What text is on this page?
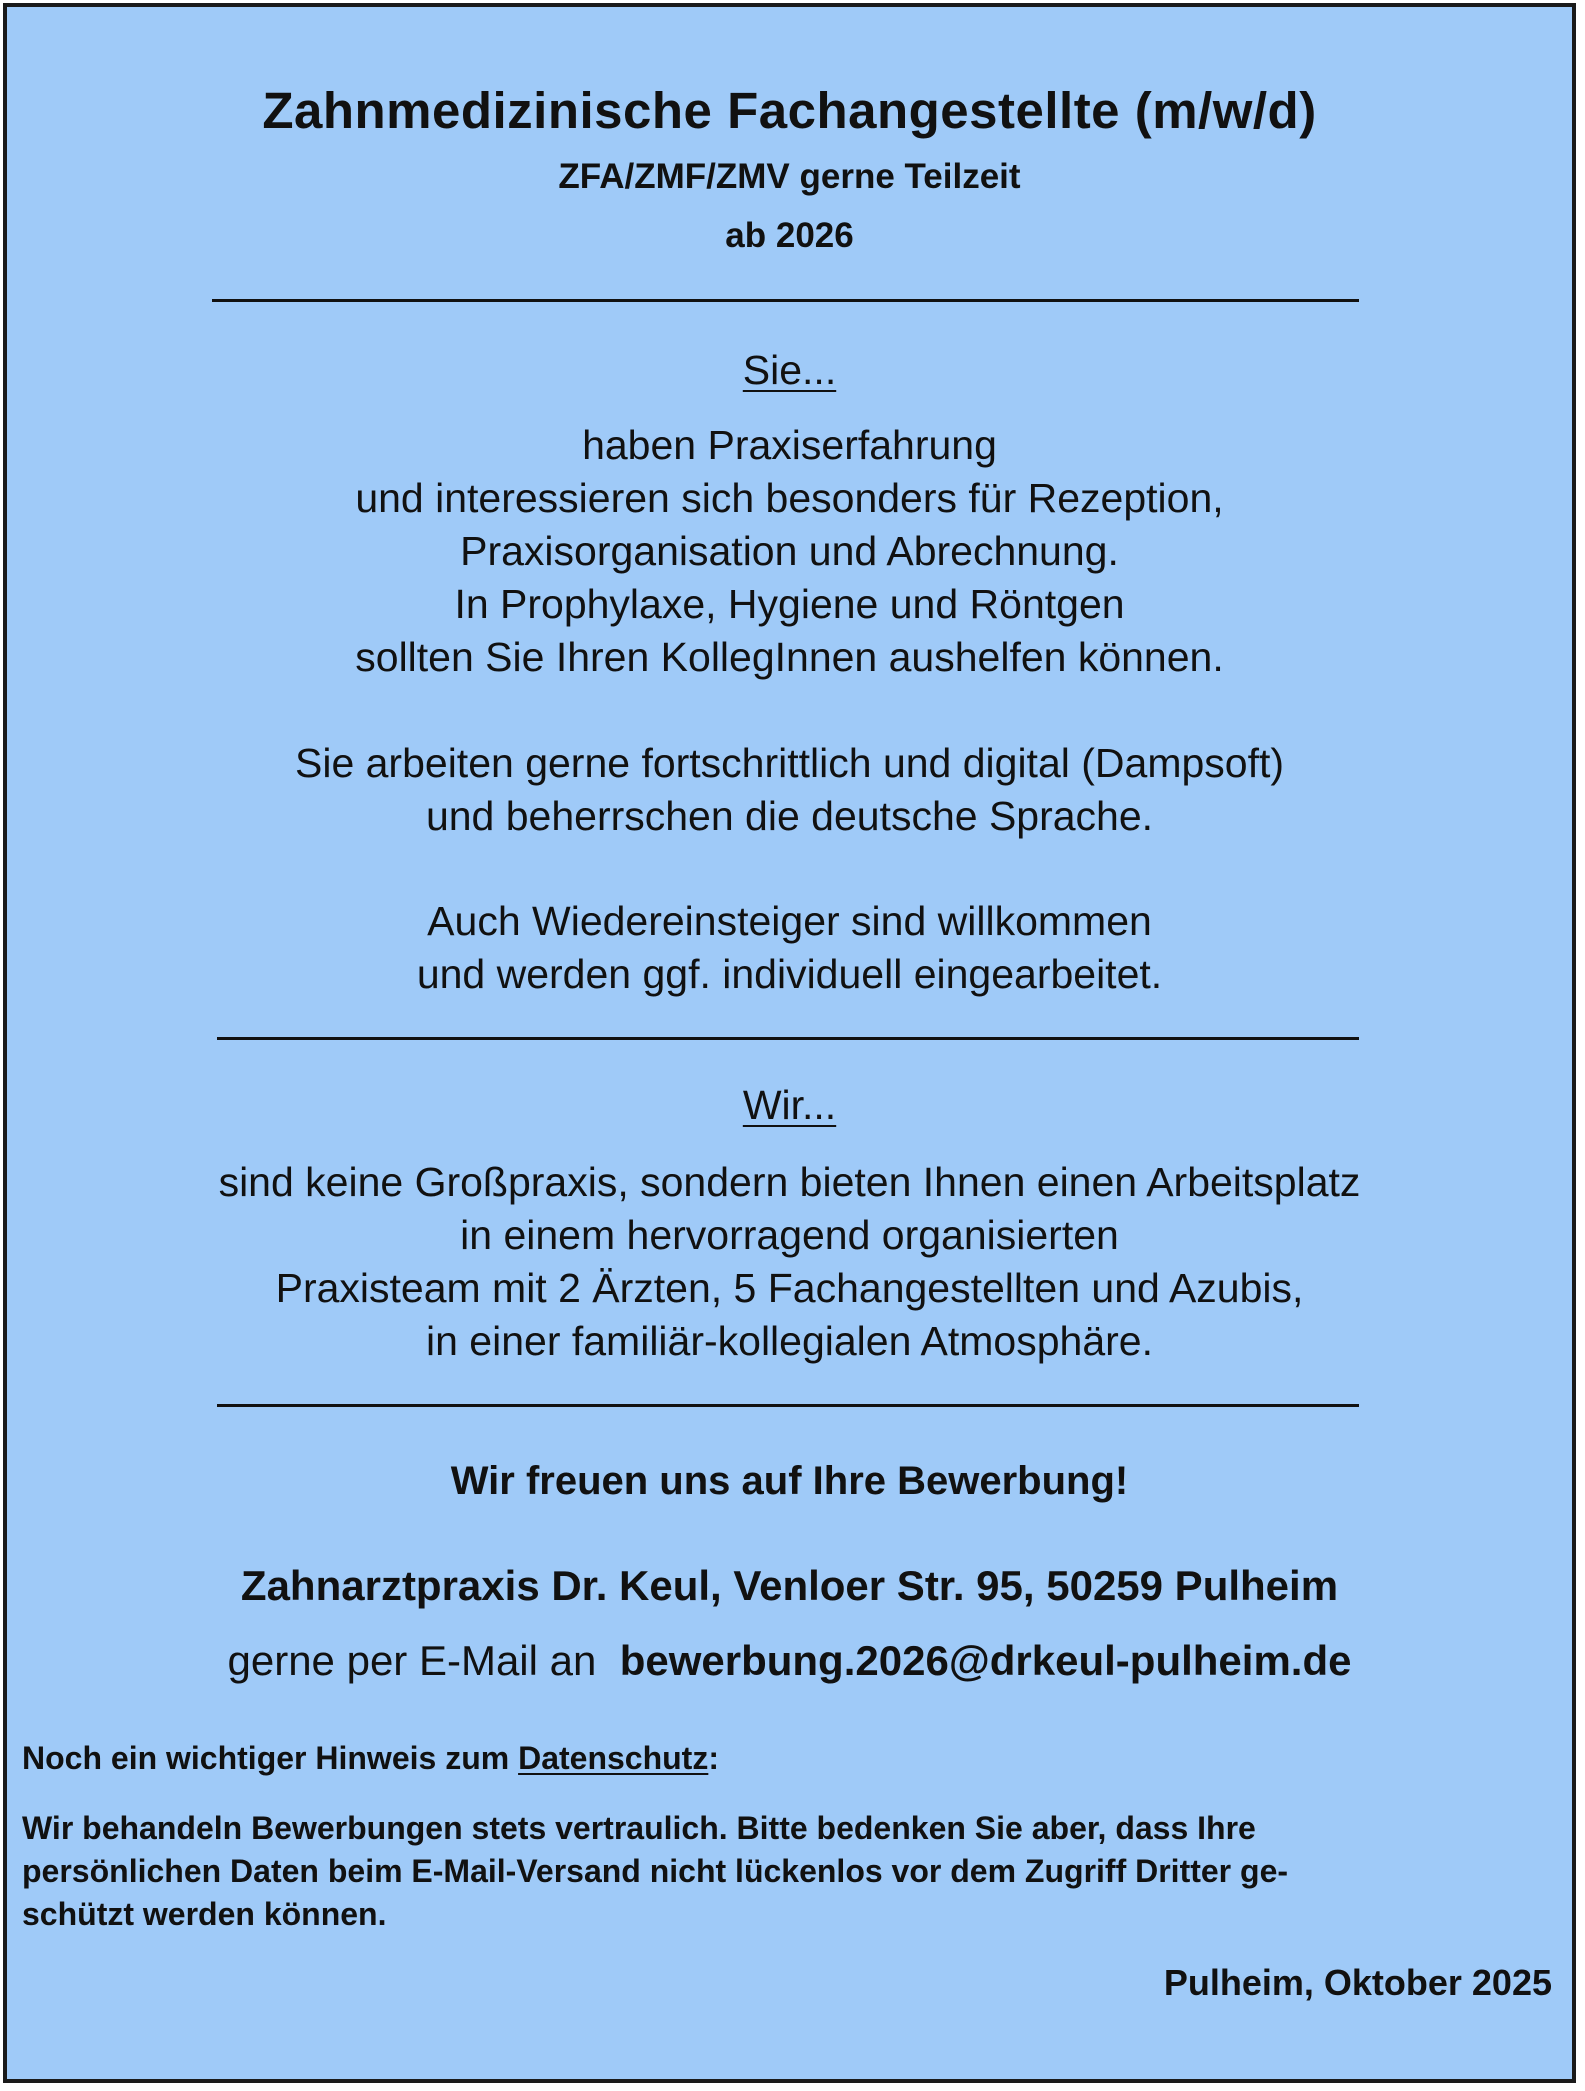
Zahnmedizinische Fachangestellte (m/w/d)
ZFA/ZMF/ZMV gerne Teilzeit
ab 2026
Sie...
haben Praxiserfahrung
und interessieren sich besonders für Rezeption,
Praxisorganisation und Abrechnung.
In Prophylaxe, Hygiene und Röntgen
sollten Sie Ihren KollegInnen aushelfen können.
Sie arbeiten gerne fortschrittlich und digital (Dampsoft)
und beherrschen die deutsche Sprache.
Auch Wiedereinsteiger sind willkommen
und werden ggf. individuell eingearbeitet.
Wir...
sind keine Großpraxis, sondern bieten Ihnen einen Arbeitsplatz
in einem hervorragend organisierten
Praxisteam mit 2 Ärzten, 5 Fachangestellten und Azubis,
in einer familiär-kollegialen Atmosphäre.
Wir freuen uns auf Ihre Bewerbung!
Zahnarztpraxis Dr. Keul, Venloer Str. 95, 50259 Pulheim
gerne per E-Mail an bewerbung.2026@drkeul-pulheim.de
Noch ein wichtiger Hinweis zum Datenschutz:
Wir behandeln Bewerbungen stets vertraulich. Bitte bedenken Sie aber, dass Ihre
persönlichen Daten beim E-Mail-Versand nicht lückenlos vor dem Zugriff Dritter ge-
schützt werden können.
Pulheim, Oktober 2025
